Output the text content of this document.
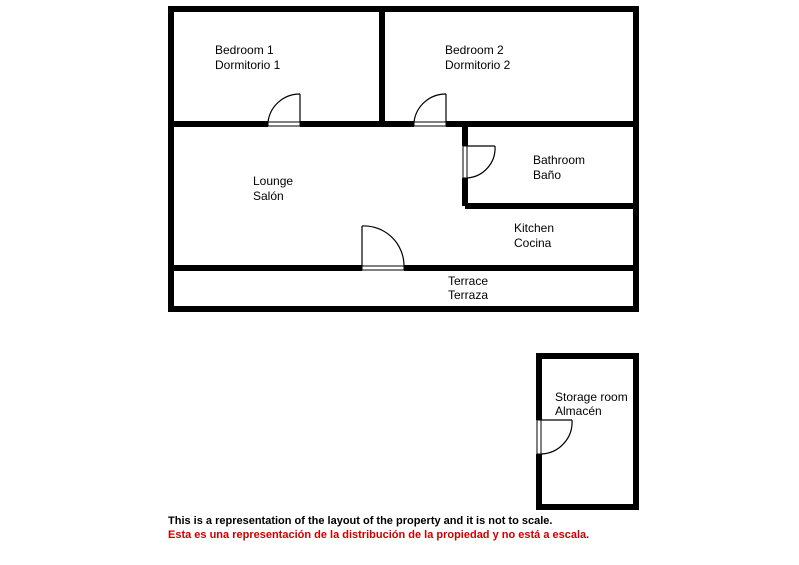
Bedroom 1
Dormitorio 1
Bedroom 2
Dormitorio 2
Lounge
Salón
Bathroom
Baño
Kitchen
Cocina
Terrace
Terraza
Storage room
Almacén
This is a representation of the layout of the property and it is not to scale.
Esta es una representación de la distribución de la propiedad y no está a escala.
